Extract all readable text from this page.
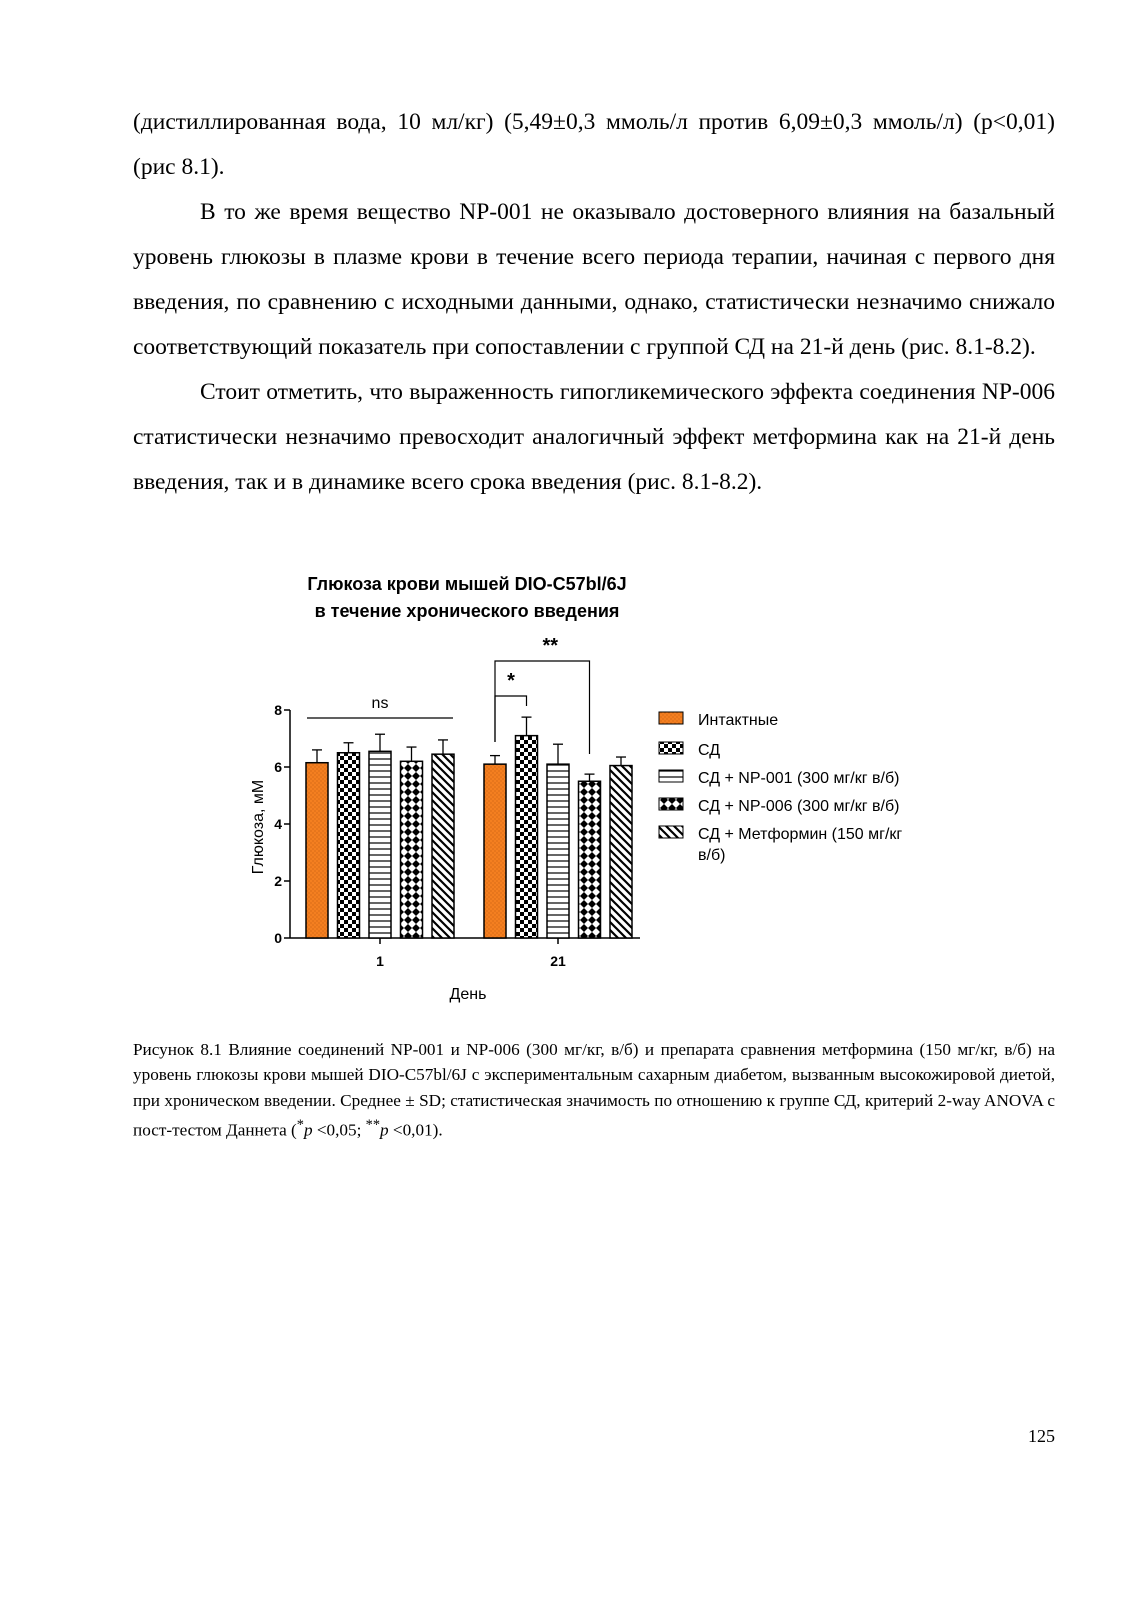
(дистиллированная вода, 10 мл/кг) (5,49±0,3 ммоль/л против 6,09±0,3 ммоль/л) (p<0,01) (рис 8.1).

В то же время вещество NP-001 не оказывало достоверного влияния на базальный уровень глюкозы в плазме крови в течение всего периода терапии, начиная с первого дня введения, по сравнению с исходными данными, однако, статистически незначимо снижало соответствующий показатель при сопоставлении с группой СД на 21-й день (рис. 8.1-8.2).

Стоит отметить, что выраженность гипогликемического эффекта соединения NP-006 статистически незначимо превосходит аналогичный эффект метформина как на 21-й день введения, так и в динамике всего срока введения (рис. 8.1-8.2).

Глюкоза крови мышей DIO-C57bl/6J
в течение хронического введения
0
2
4
6
8
Глюкоза, мМ
1	21
День
ns
*
**
Интактные
СД
СД + NP-001 (300 мг/кг в/б)
СД + NP-006 (300 мг/кг в/б)
СД + Метформин (150 мг/кг
в/б)
Рисунок 8.1 Влияние соединений NP-001 и NP-006 (300 мг/кг, в/б) и препарата сравнения метформина (150 мг/кг, в/б) на уровень глюкозы крови мышей DIO-C57bl/6J с экспериментальным сахарным диабетом, вызванным высокожировой диетой, при хроническом введении. Среднее ± SD; статистическая значимость по отношению к группе СД, критерий 2-way ANOVA с пост-тестом Даннета (*p <0,05; **p <0,01).
125
